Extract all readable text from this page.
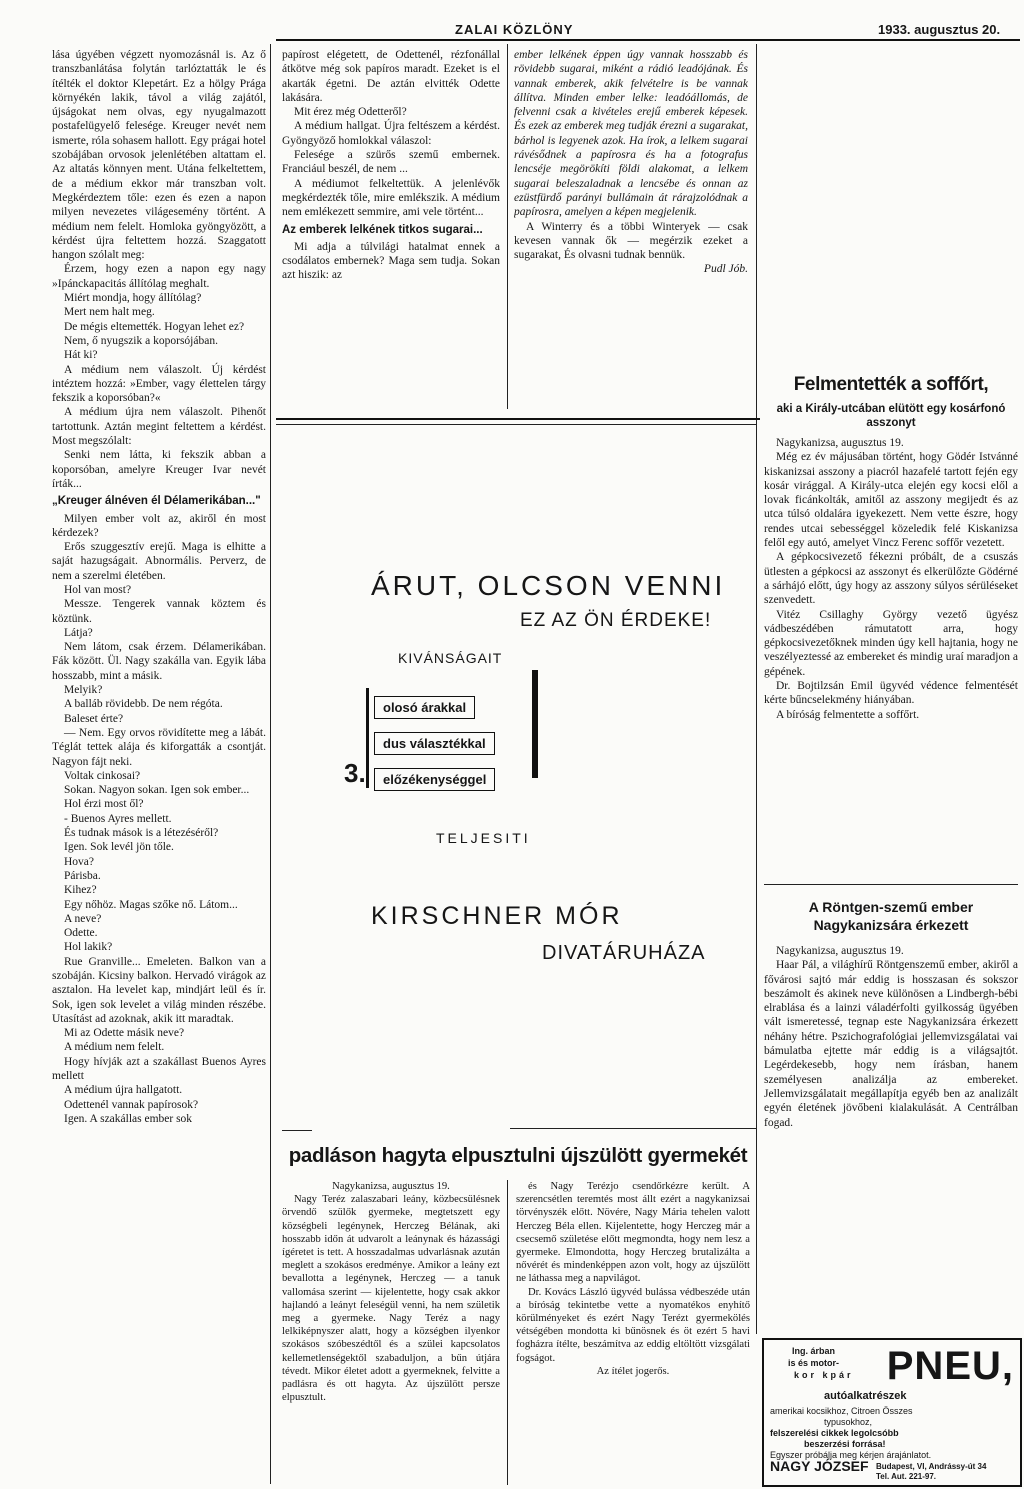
ZALAI KÖZLÖNY	1933. augusztus 20.

lása úgyében végzett nyomozásnál is. Az ő transzbanlátása folytán tarlóztatták le és ítélték el doktor Klepetárt. Ez a hölgy Prága környékén lakik, távol a világ zajától, újságokat nem olvas, egy nyugalmazott postafelügyelő felesége. Kreuger nevét nem ismerte, róla sohasem hallott. Egy prágai hotel szobájában orvosok jelenlétében altattam el. Az altatás könnyen ment. Utána felkeltettem, de a médium ekkor már transzban volt. Megkérdeztem tőle: ezen és ezen a napon milyen nevezetes világesemény történt. A médium nem felelt. Homloka gyöngyözött, a kérdést újra feltettem hozzá. Szaggatott hangon szólalt meg:

Érzem, hogy ezen a napon egy nagy »Ipánckapacitás állítólag meghalt.

Miért mondja, hogy állítólag?

Mert nem halt meg.

De mégis eltemették. Hogyan lehet ez?

Nem, ő nyugszik a koporsójában.

Hát ki?

A médium nem válaszolt. Új kérdést intéztem hozzá: »Ember, vagy élettelen tárgy fekszik a koporsóban?«

A médium újra nem válaszolt. Pihenőt tartottunk. Aztán megint feltettem a kérdést. Most megszólalt:

Senki nem látta, ki fekszik abban a koporsóban, amelyre Kreuger Ivar nevét írták...

„Kreuger álnéven él Délamerikában..."

Milyen ember volt az, akiről én most kérdezek?

Erős szuggesztív erejű. Maga is elhitte a saját hazugságait. Abnormális. Perverz, de nem a szerelmi életében.

Hol van most?

Messze. Tengerek vannak köztem és köztünk.

Látja?

Nem látom, csak érzem. Délamerikában. Fák között. Ül. Nagy szakálla van. Egyik lába hosszabb, mint a másik.

Melyik?

A balláb rövidebb. De nem régóta.

Baleset érte?

— Nem. Egy orvos rövidítette meg a lábát. Téglát tettek alája és kiforgatták a csontját. Nagyon fájt neki.

Voltak cinkosai?

Sokan. Nagyon sokan. Igen sok ember...

Hol érzi most ől?

- Buenos Ayres mellett.

És tudnak mások is a létezéséről?

Igen. Sok levél jön tőle.

Hova?

Párisba.

Kihez?

Egy nőhöz. Magas szőke nő. Látom...

A neve?

Odette.

Hol lakik?

Rue Granville... Emeleten. Balkon van a szobáján. Kicsiny balkon. Hervadó virágok az asztalon. Ha levelet kap, mindjárt leül és ír. Sok, igen sok levelet a világ minden részébe. Utasítást ad azoknak, akik itt maradtak.

Mi az Odette másik neve?

A médium nem felelt.

Hogy hívják azt a szakállast Buenos Ayres mellett

A médium újra hallgatott.

Odettenél vannak papírosok?

Igen. A szakállas ember sok

papírost elégetett, de Odettenél, rézfonállal átkötve még sok papíros maradt. Ezeket is el akarták égetni. De aztán elvitték Odette lakására.

Mit érez még Odetteről?

A médium hallgat. Újra feltészem a kérdést. Gyöngyöző homlokkal válaszol:

Felesége a szürős szemű embernek. Franciául beszél, de nem ...

A médiumot felkeltettük. A jelenlévők megkérdezték tőle, mire emlékszik. A médium nem emlékezett semmire, ami vele történt...

Az emberek lelkének titkos sugarai...

Mi adja a túlvilági hatalmat ennek a csodálatos embernek? Maga sem tudja. Sokan azt hiszik: az

ember lelkének éppen úgy vannak hosszabb és rövidebb sugarai, miként a rádió leadójának. És vannak emberek, akik felvételre is be vannak állítva. Minden ember lelke: leadóállomás, de felvenni csak a kivételes erejű emberek képesek. És ezek az emberek meg tudják érezni a sugarakat, bárhol is legyenek azok. Ha írok, a lelkem sugarai rávésődnek a papírosra és ha a fotografus lencséje megörökíti földi alakomat, a lelkem sugarai beleszaladnak a lencsébe és onnan az ezüstfürdő parányi bullámain át rárajzolódnak a papírosra, amelyen a képen megjelenik.

A Winterry és a többi Winteryek — csak kevesen vannak ők — megérzik ezeket a sugarakat, És olvasni tudnak bennük.

Pudl Jób.

ÁRUT, OLCSON VENNI
EZ AZ ÖN ÉRDEKE!
KIVÁNSÁGAIT
olosó árakkal
dus választékkal
3.	előzékenységgel
TELJESITI
KIRSCHNER MÓR
DIVATÁRUHÁZA
padláson hagyta elpusztulni újszülött gyermekét

Nagykanizsa, augusztus 19.

Nagy Teréz zalaszabari leány, közbecsülésnek örvendő szülők gyermeke, megtetszett egy községbeli legénynek, Herczeg Bélának, aki hosszabb időn át udvarolt a leánynak és házassági ígéretet is tett. A hosszadalmas udvarlásnak azután meglett a szokásos eredménye. Amikor a leány ezt bevallotta a legénynek, Herczeg — a tanuk vallomása szerint — kijelentette, hogy csak akkor hajlandó a leányt feleségül venni, ha nem születik meg a gyermeke. Nagy Teréz a nagy lelkiképnyszer alatt, hogy a községben ilyenkor szokásos szóbeszédtől és a szülei kapcsolatos kellemetlenségektől szabaduljon, a bűn útjára tévedt. Mikor életet adott a gyermeknek, felvitte a padlásra és ott hagyta. Az újszülött persze elpusztult.

és Nagy Terézjo csendőrkézre került. A szerencsétlen teremtés most állt ezért a nagykanizsai törvényszék előtt. Növére, Nagy Mária tehelen valott Herczeg Béla ellen. Kijelentette, hogy Herczeg már a csecsemő születése előtt megmondta, hogy nem lesz a gyermeke. Elmondotta, hogy Herczeg brutalizálta a nővérét és mindenképpen azon volt, hogy az újszülött ne láthassa meg a napvilágot.

Dr. Kovács László ügyvéd bulássa védbeszéde után a bíróság tekintetbe vette a nyomatékos enyhítő körülményeket és ezért Nagy Terézt gyermekölés vétségében mondotta ki bűnösnek és öt ezért 5 havi fogházra ítélte, beszámítva az eddig eltöltött vizsgálati fogságot.

Az ítélet jogerős.

Felmentették a soffőrt,
aki a Király-utcában elütött egy kosárfonó asszonyt

Nagykanizsa, augusztus 19.

Még ez év májusában történt, hogy Gödér Istvánné kiskanizsai asszony a piacról hazafelé tartott fején egy kosár virággal. A Király-utca elején egy kocsi elől a lovak ficánkolták, amitől az asszony megijedt és az utca túlsó oldalára igyekezett. Nem vette észre, hogy rendes utcai sebességgel közeledik felé Kiskanizsa felől egy autó, amelyet Vincz Ferenc soffőr vezetett.

A gépkocsivezető fékezni próbált, de a csuszás ütlesten a gépkocsi az asszonyt és elkerülőzte Gödérné a sárhájó előtt, úgy hogy az asszony súlyos sérüléseket szenvedett.

Vitéz Csillaghy György vezető ügyész vádbeszédében rámutatott arra, hogy gépkocsivezetőknek minden úgy kell hajtania, hogy ne veszélyeztessé az embereket és mindig uraí maradjon a gépének.

Dr. Bojtilzsán Emil ügyvéd védence felmentését kérte bűncselekmény hiányában.

A bíróság felmentette a soffőrt.

A Röntgen-szemű ember Nagykanizsára érkezett

Nagykanizsa, augusztus 19.

Haar Pál, a világhírű Röntgenszemű ember, akiről a fővárosi sajtó már eddig is hosszasan és sokszor beszámolt és akinek neve különösen a Lindbergh-bébi elrablása és a lainzi váladérfolti gyilkosság ügyében vált ismeretessé, tegnap este Nagykanizsára érkezett néhány hétre. Pszichografológiai jellemvizsgálatai vai bámulatba ejtette már eddig is a világsajtót. Legérdekesebb, hogy nem írásban, hanem személyesen analizálja az embereket. Jellemvizsgálatait megállapítja egyéb ben az analizált egyén életének jövőbeni kialakulását. A Centrálban fogad.

PNEU,
Ing. árban
is és motor-
kor kpár
autóalkatrészek
amerikai kocsikhoz, Citroen Összes
typusokhoz,
felszerelési cikkek legolcsóbb
beszerzési forrása!
Egyszer próbálja meg kérjen árajánlatot.
NAGY JÓZSEF Budapest, VI, Andrássy-út 34
Tel. Aut. 221-97.
